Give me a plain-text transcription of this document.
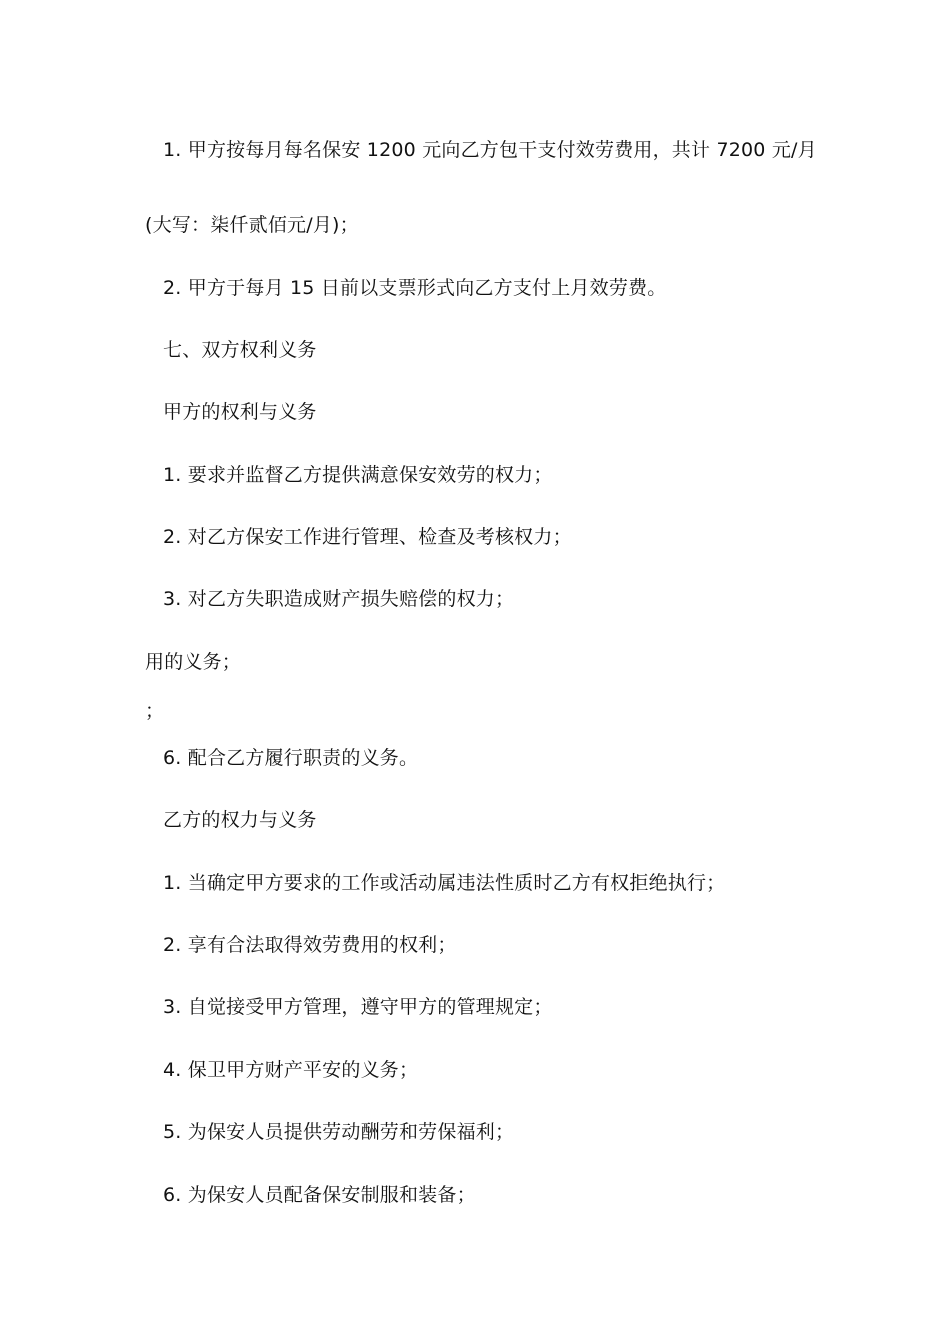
1. 甲方按每月每名保安 1200 元向乙方包干支付效劳费用，共计 7200 元/月
(大写：柒仟贰佰元/月)；
2. 甲方于每月 15 日前以支票形式向乙方支付上月效劳费。
七、双方权利义务
甲方的权利与义务
1. 要求并监督乙方提供满意保安效劳的权力；
2. 对乙方保安工作进行管理、检查及考核权力；
3. 对乙方失职造成财产损失赔偿的权力；
用的义务；
；
6. 配合乙方履行职责的义务。
乙方的权力与义务
1. 当确定甲方要求的工作或活动属违法性质时乙方有权拒绝执行；
2. 享有合法取得效劳费用的权利；
3. 自觉接受甲方管理，遵守甲方的管理规定；
4. 保卫甲方财产平安的义务；
5. 为保安人员提供劳动酬劳和劳保福利；
6. 为保安人员配备保安制服和装备；
